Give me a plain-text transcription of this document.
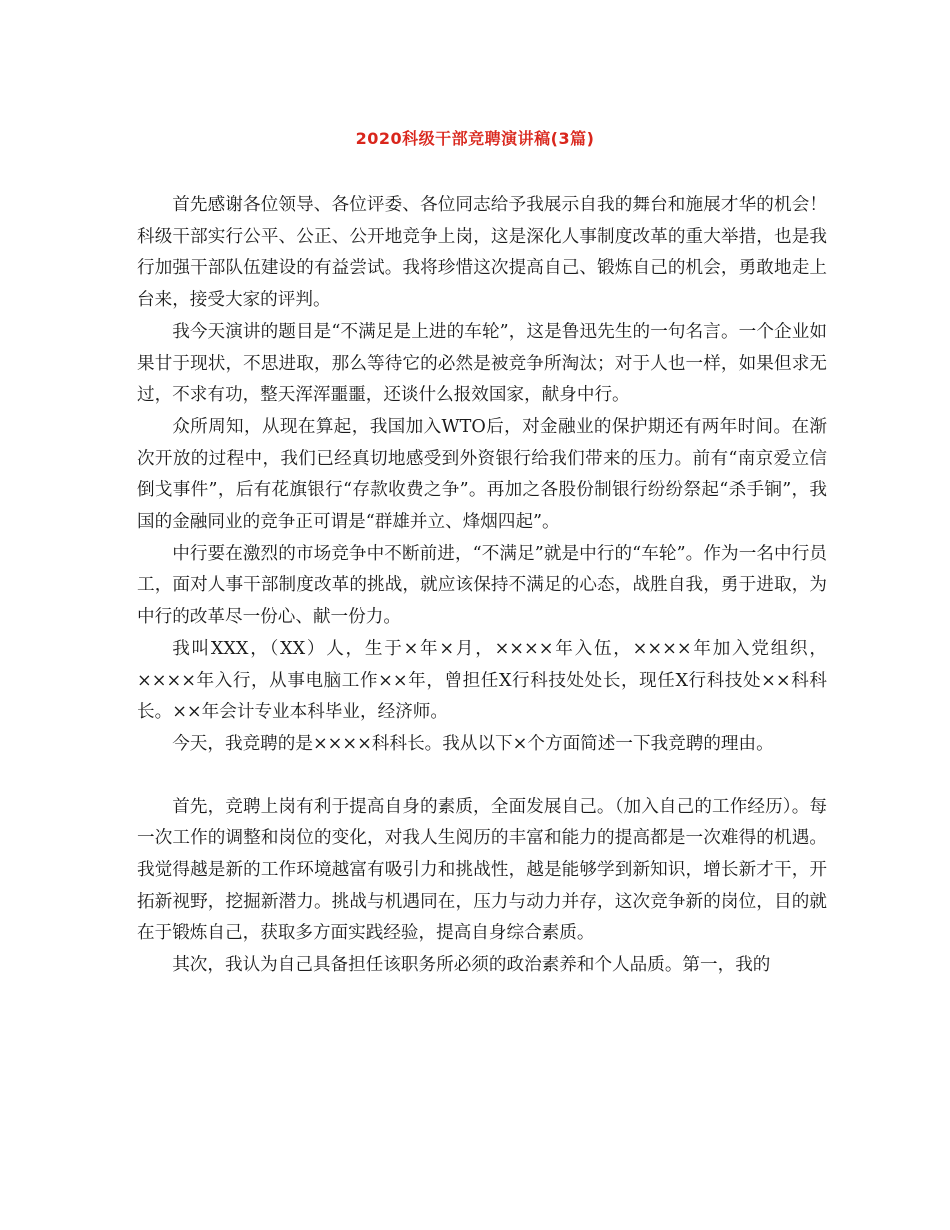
2020科级干部竞聘演讲稿(3篇)

首先感谢各位领导、各位评委、各位同志给予我展示自我的舞台和施展才华的机会！科级干部实行公平、公正、公开地竞争上岗，这是深化人事制度改革的重大举措，也是我行加强干部队伍建设的有益尝试。我将珍惜这次提高自己、锻炼自己的机会，勇敢地走上台来，接受大家的评判。

我今天演讲的题目是“不满足是上进的车轮”，这是鲁迅先生的一句名言。一个企业如果甘于现状，不思进取，那么等待它的必然是被竞争所淘汰；对于人也一样，如果但求无过，不求有功，整天浑浑噩噩，还谈什么报效国家，献身中行。

众所周知，从现在算起，我国加入WTO后，对金融业的保护期还有两年时间。在渐次开放的过程中，我们已经真切地感受到外资银行给我们带来的压力。前有“南京爱立信倒戈事件”，后有花旗银行“存款收费之争”。再加之各股份制银行纷纷祭起“杀手锏”，我国的金融同业的竞争正可谓是“群雄并立、烽烟四起”。

中行要在激烈的市场竞争中不断前进，“不满足”就是中行的“车轮”。作为一名中行员工，面对人事干部制度改革的挑战，就应该保持不满足的心态，战胜自我，勇于进取，为中行的改革尽一份心、献一份力。

我叫XXX，（XX）人，生于×年×月，××××年入伍，××××年加入党组织，××××年入行，从事电脑工作××年，曾担任X行科技处处长，现任X行科技处××科科长。××年会计专业本科毕业，经济师。

今天，我竞聘的是××××科科长。我从以下×个方面简述一下我竞聘的理由。

首先，竞聘上岗有利于提高自身的素质，全面发展自己。（加入自己的工作经历）。每一次工作的调整和岗位的变化，对我人生阅历的丰富和能力的提高都是一次难得的机遇。我觉得越是新的工作环境越富有吸引力和挑战性，越是能够学到新知识，增长新才干，开拓新视野，挖掘新潜力。挑战与机遇同在，压力与动力并存，这次竞争新的岗位，目的就在于锻炼自己，获取多方面实践经验，提高自身综合素质。

其次，我认为自己具备担任该职务所必须的政治素养和个人品质。第一，我的
